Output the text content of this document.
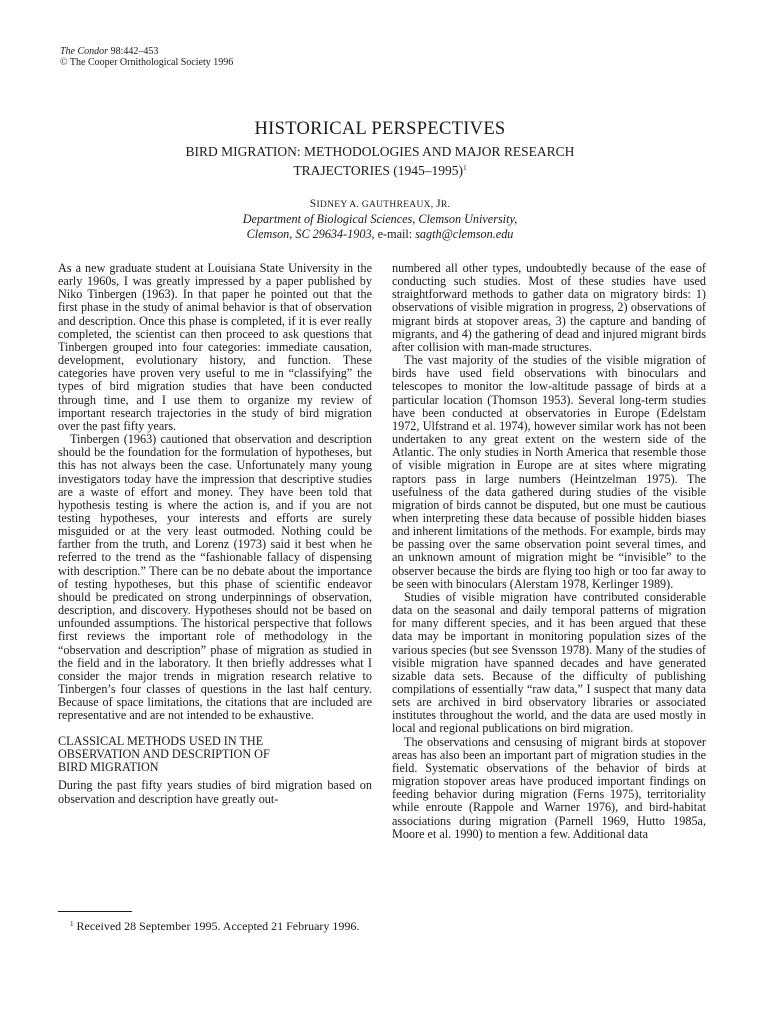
The Condor 98:442–453
© The Cooper Ornithological Society 1996
HISTORICAL PERSPECTIVES
BIRD MIGRATION: METHODOLOGIES AND MAJOR RESEARCH
TRAJECTORIES (1945–1995)$^1$
SIDNEY A. GAUTHREAUX, JR.
Department of Biological Sciences, Clemson University,
Clemson, SC 29634-1903, e-mail: sagth@clemson.edu

As a new graduate student at Louisiana State University in the early 1960s, I was greatly impressed by a paper published by Niko Tinbergen (1963). In that paper he pointed out that the first phase in the study of animal behavior is that of observation and description. Once this phase is completed, if it is ever really completed, the scientist can then proceed to ask questions that Tinbergen grouped into four categories: immediate causation, development, evolutionary history, and function. These categories have proven very useful to me in “classifying” the types of bird migration studies that have been conducted through time, and I use them to organize my review of important research trajectories in the study of bird migration over the past fifty years.

Tinbergen (1963) cautioned that observation and description should be the foundation for the formulation of hypotheses, but this has not always been the case. Unfortunately many young investigators today have the impression that descriptive studies are a waste of effort and money. They have been told that hypothesis testing is where the action is, and if you are not testing hypotheses, your interests and efforts are surely misguided or at the very least outmoded. Nothing could be farther from the truth, and Lorenz (1973) said it best when he referred to the trend as the “fashionable fallacy of dispensing with description.” There can be no debate about the importance of testing hypotheses, but this phase of scientific endeavor should be predicated on strong underpinnings of observation, description, and discovery. Hypotheses should not be based on unfounded assumptions. The historical perspective that follows first reviews the important role of methodology in the “observation and description” phase of migration as studied in the field and in the laboratory. It then briefly addresses what I consider the major trends in migration research relative to Tinbergen’s four classes of questions in the last half century. Because of space limitations, the citations that are included are representative and are not intended to be exhaustive.

CLASSICAL METHODS USED IN THE
OBSERVATION AND DESCRIPTION OF
BIRD MIGRATION

During the past fifty years studies of bird migration based on observation and description have greatly out-

$^1$ Received 28 September 1995. Accepted 21 February 1996.

numbered all other types, undoubtedly because of the ease of conducting such studies. Most of these studies have used straightforward methods to gather data on migratory birds: 1) observations of visible migration in progress, 2) observations of migrant birds at stopover areas, 3) the capture and banding of migrants, and 4) the gathering of dead and injured migrant birds after collision with man-made structures.

The vast majority of the studies of the visible migration of birds have used field observations with binoculars and telescopes to monitor the low-altitude passage of birds at a particular location (Thomson 1953). Several long-term studies have been conducted at observatories in Europe (Edelstam 1972, Ulfstrand et al. 1974), however similar work has not been undertaken to any great extent on the western side of the Atlantic. The only studies in North America that resemble those of visible migration in Europe are at sites where migrating raptors pass in large numbers (Heintzelman 1975). The usefulness of the data gathered during studies of the visible migration of birds cannot be disputed, but one must be cautious when interpreting these data because of possible hidden biases and inherent limitations of the methods. For example, birds may be passing over the same observation point several times, and an unknown amount of migration might be “invisible” to the observer because the birds are flying too high or too far away to be seen with binoculars (Alerstam 1978, Kerlinger 1989).

Studies of visible migration have contributed considerable data on the seasonal and daily temporal patterns of migration for many different species, and it has been argued that these data may be important in monitoring population sizes of the various species (but see Svensson 1978). Many of the studies of visible migration have spanned decades and have generated sizable data sets. Because of the difficulty of publishing compilations of essentially “raw data,” I suspect that many data sets are archived in bird observatory libraries or associated institutes throughout the world, and the data are used mostly in local and regional publications on bird migration.

The observations and censusing of migrant birds at stopover areas has also been an important part of migration studies in the field. Systematic observations of the behavior of birds at migration stopover areas have produced important findings on feeding behavior during migration (Ferns 1975), territoriality while enroute (Rappole and Warner 1976), and bird-habitat associations during migration (Parnell 1969, Hutto 1985a, Moore et al. 1990) to mention a few. Additional data
